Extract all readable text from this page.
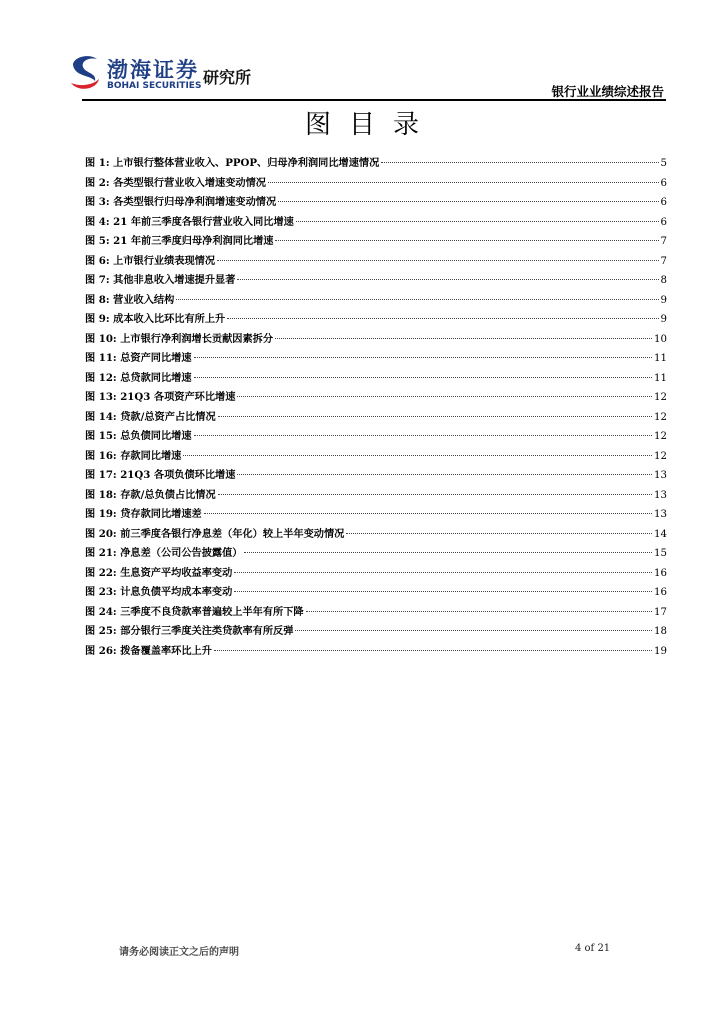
渤海证券
BOHAI SECURITIES 研究所
银行业业绩综述报告
图目录
图 1: 上市银行整体营业收入、PPOP、归母净利润同比增速情况	5
图 2: 各类型银行营业收入增速变动情况	6
图 3: 各类型银行归母净利润增速变动情况	6
图 4: 21 年前三季度各银行营业收入同比增速	6
图 5: 21 年前三季度归母净利润同比增速	7
图 6: 上市银行业绩表现情况	7
图 7: 其他非息收入增速提升显著	8
图 8: 营业收入结构	9
图 9: 成本收入比环比有所上升	9
图 10: 上市银行净利润增长贡献因素拆分	10
图 11: 总资产同比增速	11
图 12: 总贷款同比增速	11
图 13: 21Q3 各项资产环比增速	12
图 14: 贷款/总资产占比情况	12
图 15: 总负债同比增速	12
图 16: 存款同比增速	12
图 17: 21Q3 各项负债环比增速	13
图 18: 存款/总负债占比情况	13
图 19: 贷存款同比增速差	13
图 20: 前三季度各银行净息差（年化）较上半年变动情况	14
图 21: 净息差（公司公告披露值）	15
图 22: 生息资产平均收益率变动	16
图 23: 计息负债平均成本率变动	16
图 24: 三季度不良贷款率普遍较上半年有所下降	17
图 25: 部分银行三季度关注类贷款率有所反弹	18
图 26: 拨备覆盖率环比上升	19
请务必阅读正文之后的声明	4 of 21
